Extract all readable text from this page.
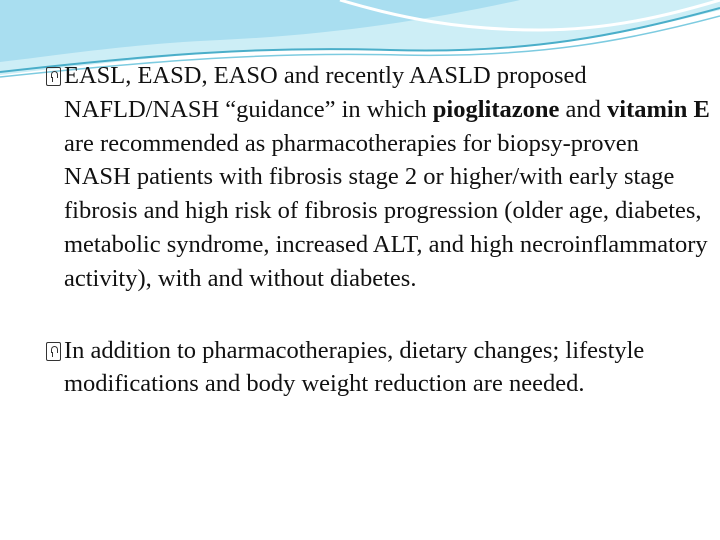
EASL, EASD, EASO and recently AASLD proposed NAFLD/NASH “guidance” in which pioglitazone and vitamin E are recommended as pharmacotherapies for biopsy-proven NASH patients with fibrosis stage 2 or higher/with early stage fibrosis and high risk of fibrosis progression (older age, diabetes, metabolic syndrome, increased ALT, and high necroinflammatory activity), with and without diabetes.

In addition to pharmacotherapies, dietary changes; lifestyle modifications and body weight reduction are needed.
